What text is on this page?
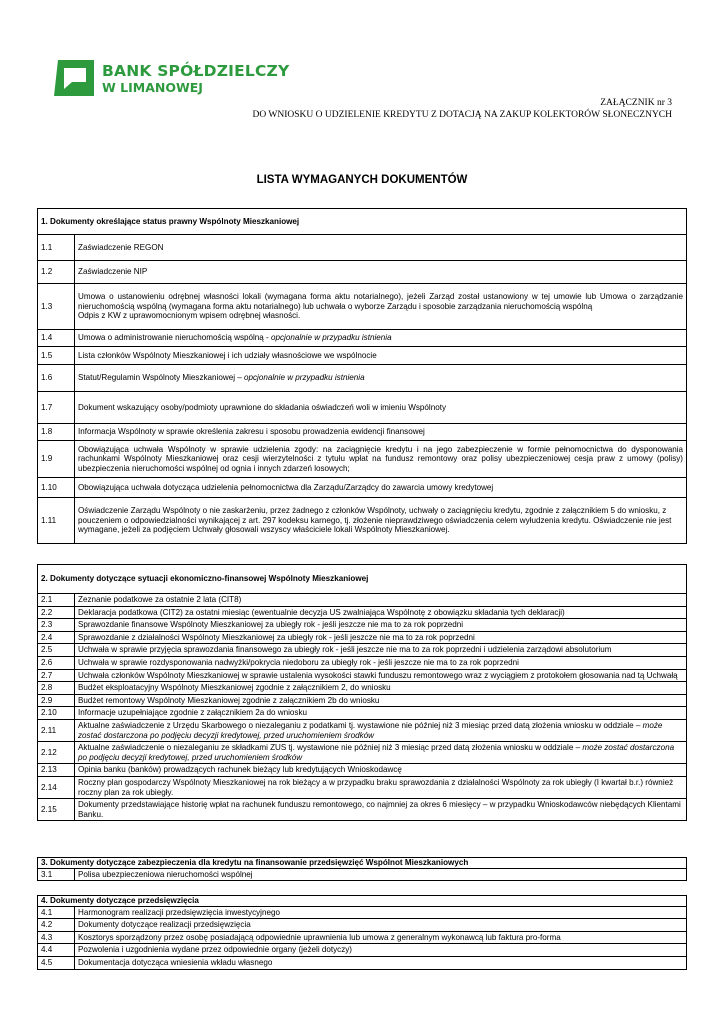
BANK SPÓŁDZIELCZY
W LIMANOWEJ
ZAŁĄCZNIK nr 3
DO WNIOSKU O UDZIELENIE KREDYTU Z DOTACJĄ NA ZAKUP KOLEKTORÓW SŁONECZNYCH
LISTA WYMAGANYCH DOKUMENTÓW
1. Dokumenty określające status prawny Wspólnoty Mieszkaniowej	
1.1	Zaświadczenie REGON
1.2	Zaświadczenie NIP
1.3	Umowa o ustanowieniu odrębnej własności lokali (wymagana forma aktu notarialnego), jeżeli Zarząd został ustanowiony w tej umowie lub Umowa o zarządzanie nieruchomością wspólną (wymagana forma aktu notarialnego) lub uchwała o wyborze Zarządu i sposobie zarządzania nieruchomością wspólną
Odpis z KW z uprawomocnionym wpisem odrębnej własności.

1.4	Umowa o administrowanie nieruchomością wspólną - opcjonalnie w przypadku istnienia
1.5	Lista członków Wspólnoty Mieszkaniowej i ich udziały własnościowe we wspólnocie
1.6	Statut/Regulamin Wspólnoty Mieszkaniowej – opcjonalnie w przypadku istnienia
1.7	Dokument wskazujący osoby/podmioty uprawnione do składania oświadczeń woli w imieniu Wspólnoty
1.8	Informacja Wspólnoty w sprawie określenia zakresu i sposobu prowadzenia ewidencji finansowej
1.9	Obowiązująca uchwała Wspólnoty w sprawie udzielenia zgody: na zaciągnięcie kredytu i na jego zabezpieczenie w formie pełnomocnictwa do dysponowania rachunkami Wspólnoty Mieszkaniowej oraz cesji wierzytelności z tytułu wpłat na fundusz remontowy oraz polisy ubezpieczeniowej cesja praw z umowy (polisy) ubezpieczenia nieruchomości wspólnej od ognia i innych zdarzeń losowych;
1.10	Obowiązująca uchwała dotycząca udzielenia pełnomocnictwa dla Zarządu/Zarządcy do zawarcia umowy kredytowej
1.11	Oświadczenie Zarządu Wspólnoty o nie zaskarżeniu, przez żadnego z członków Wspólnoty, uchwały o zaciągnięciu kredytu, zgodnie z załącznikiem 5 do wniosku, z pouczeniem o odpowiedzialności wynikającej z art. 297 kodeksu karnego, tj. złożenie nieprawdziwego oświadczenia celem wyłudzenia kredytu. Oświadczenie nie jest wymagane, jeżeli za podjęciem Uchwały głosowali wszyscy właściciele lokali Wspólnoty Mieszkaniowej.
2. Dokumenty dotyczące sytuacji ekonomiczno-finansowej Wspólnoty Mieszkaniowej	
2.1	Zeznanie podatkowe za ostatnie 2 lata (CIT8)
2.2	Deklaracja podatkowa (CIT2) za ostatni miesiąc (ewentualnie decyzja US zwalniająca Wspólnotę z obowiązku składania tych deklaracji)
2.3	Sprawozdanie finansowe Wspólnoty Mieszkaniowej za ubiegły rok - jeśli jeszcze nie ma to za rok poprzedni
2.4	Sprawozdanie z działalności Wspólnoty Mieszkaniowej za ubiegły rok - jeśli jeszcze nie ma to za rok poprzedni
2.5	Uchwała w sprawie przyjęcia sprawozdania finansowego za ubiegły rok - jeśli jeszcze nie ma to za rok poprzedni i udzielenia zarządowi absolutorium
2.6	Uchwała w sprawie rozdysponowania nadwyżki/pokrycia niedoboru za ubiegły rok - jeśli jeszcze nie ma to za rok poprzedni
2.7	Uchwała członków Wspólnoty Mieszkaniowej w sprawie ustalenia wysokości stawki funduszu remontowego wraz z wyciągiem z protokołem głosowania nad tą Uchwałą
2.8	Budżet eksploatacyjny Wspólnoty Mieszkaniowej zgodnie z załącznikiem 2, do wniosku
2.9	Budżet remontowy Wspólnoty Mieszkaniowej zgodnie z załącznikiem 2b do wniosku
2.10	Informacje uzupełniające zgodnie z załącznikiem 2a do wniosku
2.11	Aktualne zaświadczenie z Urzędu Skarbowego o niezaleganiu z podatkami tj. wystawione nie później niż 3 miesiąc przed datą złożenia wniosku w oddziale – może zostać dostarczona po podjęciu decyzji kredytowej, przed uruchomieniem środków
2.12	Aktualne zaświadczenie o niezaleganiu ze składkami ZUS tj. wystawione nie później niż 3 miesiąc przed datą złożenia wniosku w oddziale – może zostać dostarczona po podjęciu decyzji kredytowej, przed uruchomieniem środków
2.13	Opinia banku (banków) prowadzących rachunek bieżący lub kredytujących Wnioskodawcę
2.14	Roczny plan gospodarczy Wspólnoty Mieszkaniowej na rok bieżący a w przypadku braku sprawozdania z działalności Wspólnoty za rok ubiegły (I kwartał b.r.) również roczny plan za rok ubiegły.
2.15	Dokumenty przedstawiające historię wpłat na rachunek funduszu remontowego, co najmniej za okres 6 miesięcy – w przypadku Wnioskodawców niebędących Klientami Banku.
3. Dokumenty dotyczące zabezpieczenia dla kredytu na finansowanie przedsięwzięć Wspólnot Mieszkaniowych
3.1	Polisa ubezpieczeniowa nieruchomości wspólnej
4. Dokumenty dotyczące przedsięwzięcia	
4.1	Harmonogram realizacji przedsięwzięcia inwestycyjnego
4.2	Dokumenty dotyczące realizacji przedsięwzięcia
4.3	Kosztorys sporządzony przez osobę posiadającą odpowiednie uprawnienia lub umowa z generalnym wykonawcą lub faktura pro-forma
4.4	Pozwolenia i uzgodnienia wydane przez odpowiednie organy (jeżeli dotyczy)
4.5	Dokumentacja dotycząca wniesienia wkładu własnego
